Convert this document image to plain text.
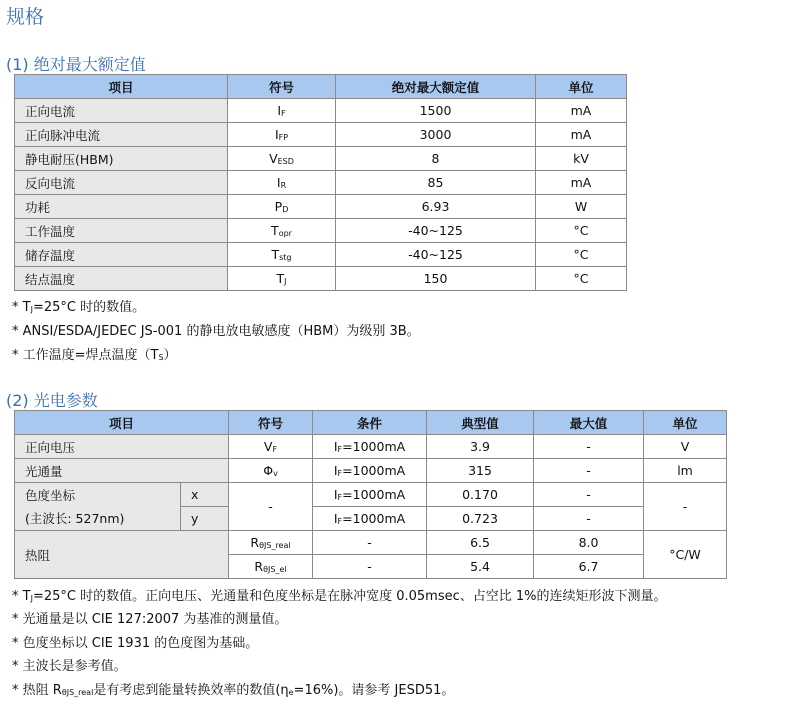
规格
(1) 绝对最大额定值
项目	符号	绝对最大额定值	单位
正向电流	$I_F$	1500	mA
正向脉冲电流	$I_{FP}$	3000	mA
静电耐压(HBM)	$V_{ESD}$	8	kV
反向电流	$I_R$	85	mA
功耗	$P_D$	6.93	W
工作温度	$T_{opr}$	-40~125	°C
储存温度	$T_{stg}$	-40~125	°C
结点温度	$T_J$	150	°C
* $T_J=25^\circ C$ 时的数值。
* ANSI/ESDA/JEDEC JS-001 的静电放电敏感度（HBM）为级别 3B。
* 工作温度=焊点温度$(T_S)$
(2) 光电参数
项目		符号	条件	典型值	最大值	单位
正向电压		$V_F$	$I_F=1000mA$	3.9	-	V
光通量		$\Phi_v$	$I_F=1000mA$	315	-	lm

色度坐标
(主波长: 527nm)	x	-	$I_F=1000mA$	0.170	-	-
	y		$I_F=1000mA$	0.723	-	
热阻		$R_{\theta JS\_real}$	-	6.5	8.0	°C/W
		$R_{\theta JS\_el}$	-	5.4	6.7	
* $T_J=25^\circ C$ 时的数值。正向电压、光通量和色度坐标是在脉冲宽度 0.05msec、占空比 1%的连续矩形波下测量。
* 光通量是以 CIE 127:2007 为基准的测量值。
* 色度坐标以 CIE 1931 的色度图为基础。
* 主波长是参考值。
* 热阻 $R_{\theta JS\_real}$是有考虑到能量转换效率的数值$(\eta_e=16\%)$。请参考 JESD51。
